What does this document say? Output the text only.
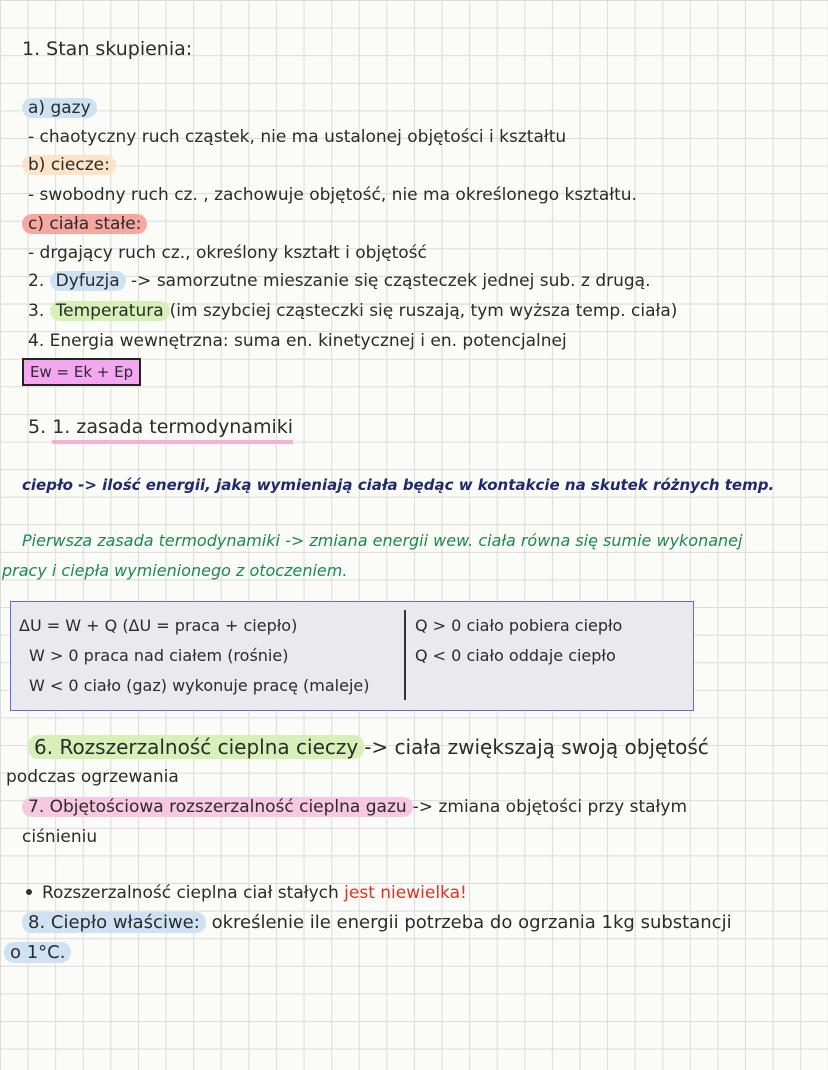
1. Stan skupienia:
a) gazy
- chaotyczny ruch cząstek, nie ma ustalonej objętości i kształtu
b) ciecze:
- swobodny ruch cz. , zachowuje objętość, nie ma określonego kształtu.
c) ciała stałe:
- drgający ruch cz., określony kształt i objętość
2. Dyfuzja -> samorzutne mieszanie się cząsteczek jednej sub. z drugą.
3. Temperatura (im szybciej cząsteczki się ruszają, tym wyższa temp. ciała)
4. Energia wewnętrzna: suma en. kinetycznej i en. potencjalnej
Ew = Ek + Ep
5. 1. zasada termodynamiki
ciepło -> ilość energii, jaką wymieniają ciała będąc w kontakcie na skutek różnych temp.
Pierwsza zasada termodynamiki -> zmiana energii wew. ciała równa się sumie wykonanej
pracy i ciepła wymienionego z otoczeniem.
ΔU = W + Q (ΔU = praca + ciepło)
W > 0 praca nad ciałem (rośnie)
W < 0 ciało (gaz) wykonuje pracę (maleje)
Q > 0 ciało pobiera ciepło
Q < 0 ciało oddaje ciepło
6. Rozszerzalność cieplna cieczy -> ciała zwiększają swoją objętość
podczas ogrzewania
7. Objętościowa rozszerzalność cieplna gazu -> zmiana objętości przy stałym
ciśnieniu
Rozszerzalność cieplna ciał stałych jest niewielka!
8. Ciepło właściwe: określenie ile energii potrzeba do ogrzania 1kg substancji
o 1°C.
